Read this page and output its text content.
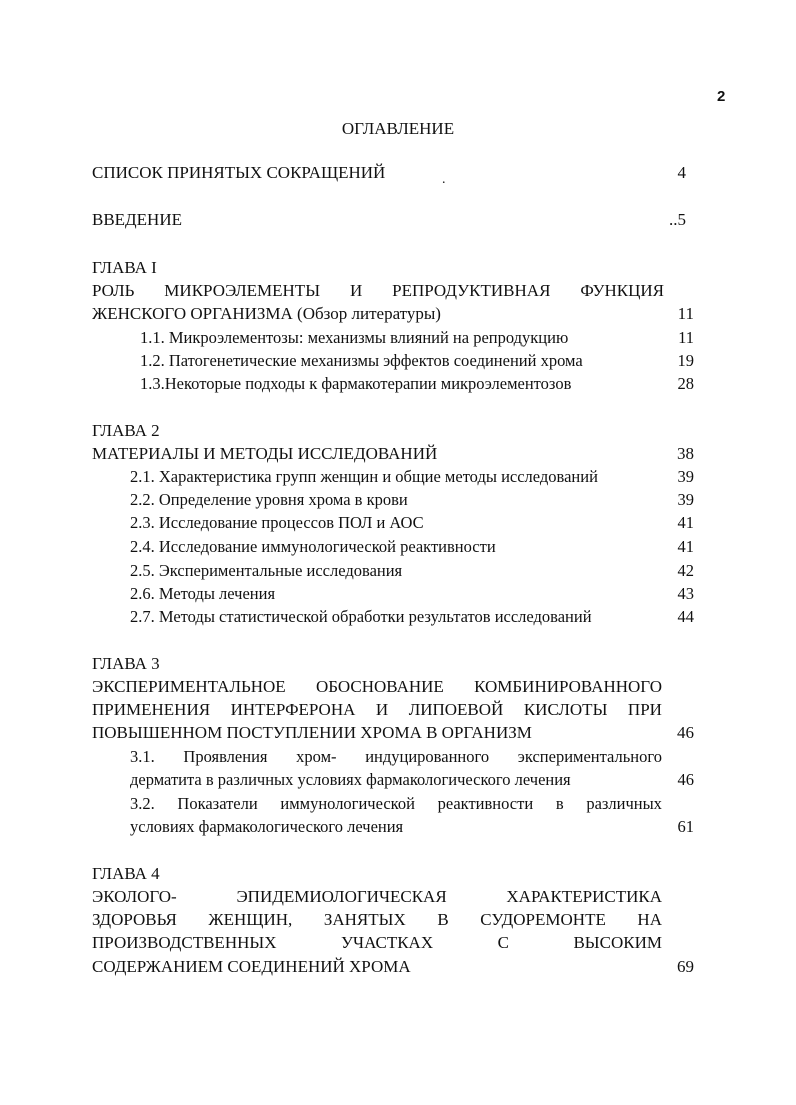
2
ОГЛАВЛЕНИЕ
.
СПИСОК ПРИНЯТЫХ СОКРАЩЕНИЙ	4
ВВЕДЕНИЕ	..5
ГЛАВА I
РОЛЬ МИКРОЭЛЕМЕНТЫ И РЕПРОДУКТИВНАЯ ФУНКЦИЯ
ЖЕНСКОГО ОРГАНИЗМА (Обзор литературы)	11
1.1. Микроэлементозы: механизмы влияний на репродукцию	11
1.2. Патогенетические механизмы эффектов соединений хрома	19
1.3.Некоторые подходы к фармакотерапии микроэлементозов	28
ГЛАВА 2
МАТЕРИАЛЫ И МЕТОДЫ ИССЛЕДОВАНИЙ	38
2.1. Характеристика групп женщин и общие методы исследований	39
2.2. Определение уровня хрома в крови	39
2.3. Исследование процессов ПОЛ и АОС	41
2.4. Исследование иммунологической реактивности	41
2.5. Экспериментальные исследования	42
2.6. Методы лечения	43
2.7. Методы статистической обработки результатов исследований	44
ГЛАВА 3
ЭКСПЕРИМЕНТАЛЬНОЕ ОБОСНОВАНИЕ КОМБИНИРОВАННОГО
ПРИМЕНЕНИЯ ИНТЕРФЕРОНА И ЛИПОЕВОЙ КИСЛОТЫ ПРИ
ПОВЫШЕННОМ ПОСТУПЛЕНИИ ХРОМА В ОРГАНИЗМ	46
3.1. Проявления хром- индуцированного экспериментального
дерматита в различных условиях фармакологического лечения	46
3.2. Показатели иммунологической реактивности в различных
условиях фармакологического лечения	61
ГЛАВА 4
ЭКОЛОГО-	ЭПИДЕМИОЛОГИЧЕСКАЯ	ХАРАКТЕРИСТИКА
ЗДОРОВЬЯ ЖЕНЩИН, ЗАНЯТЫХ В СУДОРЕМОНТЕ НА
ПРОИЗВОДСТВЕННЫХ	УЧАСТКАХ	С	ВЫСОКИМ
СОДЕРЖАНИЕМ СОЕДИНЕНИЙ ХРОМА	69
